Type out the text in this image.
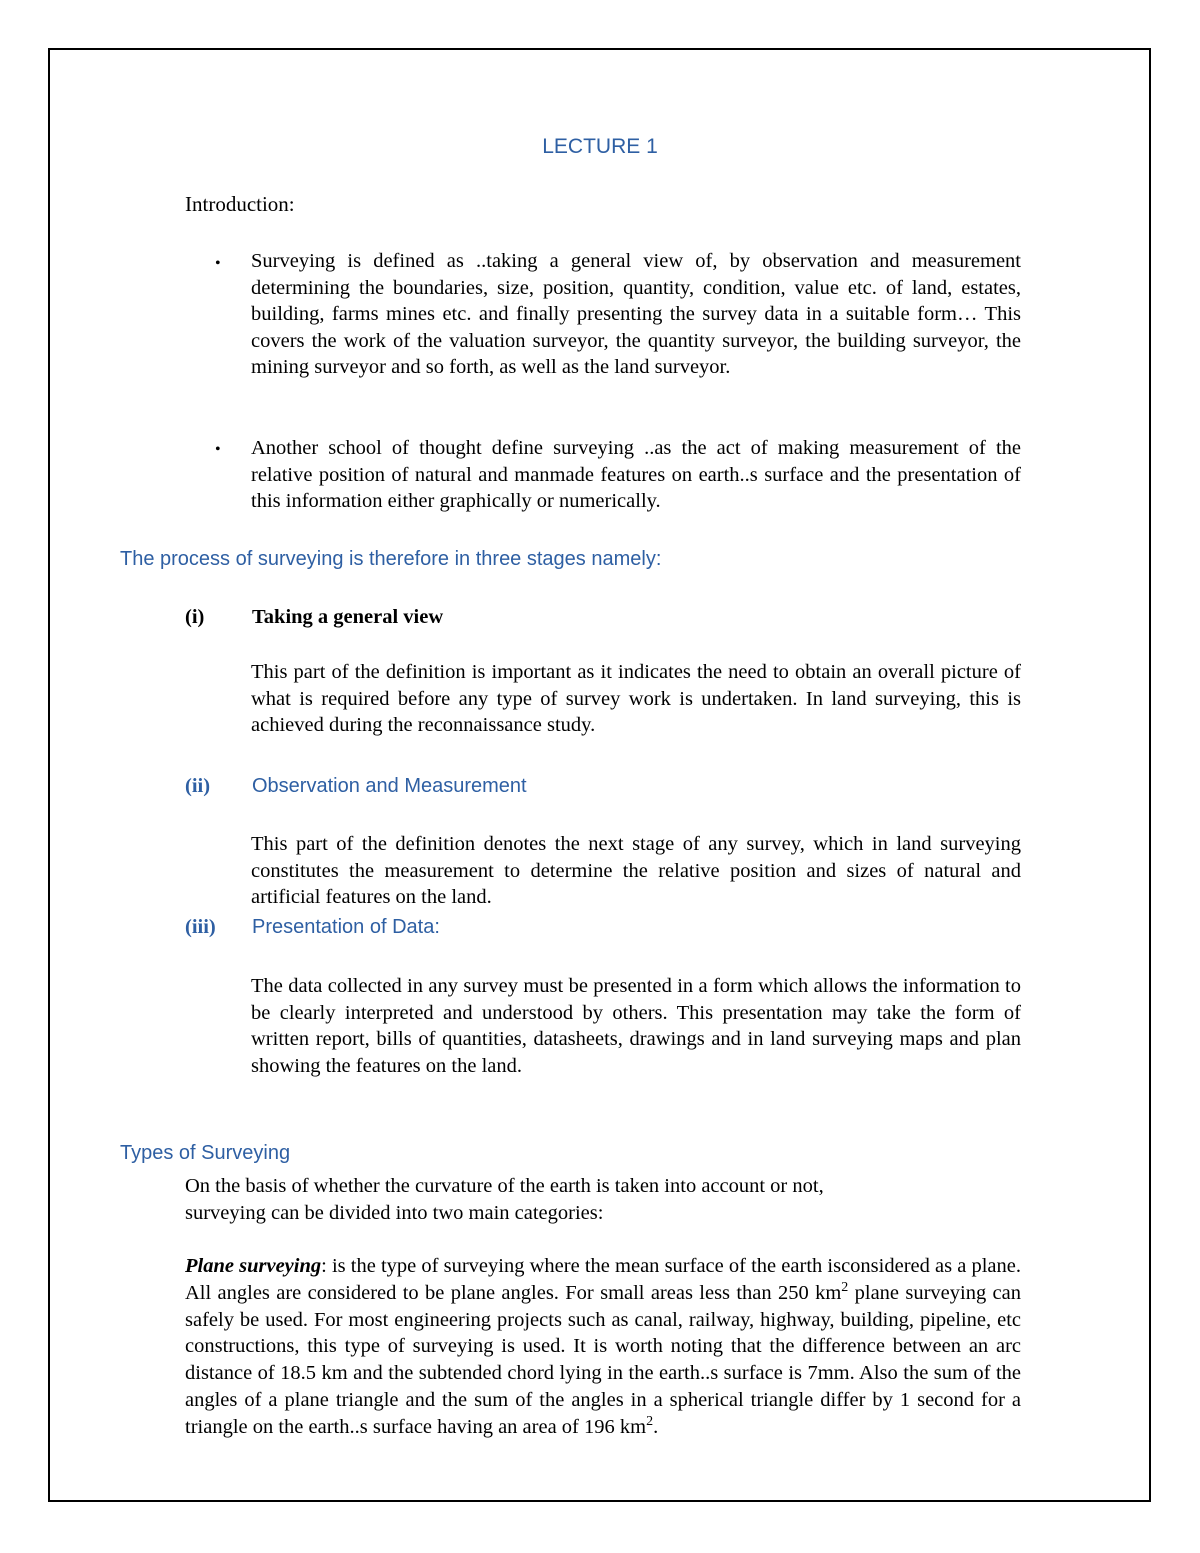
LECTURE 1
Introduction:
• Surveying is defined as ..taking a general view of, by observation and measurement determining the boundaries, size, position, quantity, condition, value etc. of land, estates, building, farms mines etc. and finally presenting the survey data in a suitable form… This covers the work of the valuation surveyor, the quantity surveyor, the building surveyor, the mining surveyor and so forth, as well as the land surveyor.
• Another school of thought define surveying ..as the act of making measurement of the relative position of natural and manmade features on earth..s surface and the presentation of this information either graphically or numerically.
The process of surveying is therefore in three stages namely:
(i) Taking a general view
This part of the definition is important as it indicates the need to obtain an overall picture of what is required before any type of survey work is undertaken. In land surveying, this is achieved during the reconnaissance study.
(ii) Observation and Measurement
This part of the definition denotes the next stage of any survey, which in land surveying constitutes the measurement to determine the relative position and sizes of natural and artificial features on the land.
(iii) Presentation of Data:
The data collected in any survey must be presented in a form which allows the information to be clearly interpreted and understood by others. This presentation may take the form of written report, bills of quantities, datasheets, drawings and in land surveying maps and plan showing the features on the land.
Types of Surveying
On the basis of whether the curvature of the earth is taken into account or not,
surveying can be divided into two main categories:
Plane surveying: is the type of surveying where the mean surface of the earth isconsidered as a plane. All angles are considered to be plane angles. For small areas less than 250 $km^2$ plane surveying can safely be used. For most engineering projects such as canal, railway, highway, building, pipeline, etc constructions, this type of surveying is used. It is worth noting that the difference between an arc distance of 18.5 km and the subtended chord lying in the earth..s surface is 7mm. Also the sum of the angles of a plane triangle and the sum of the angles in a spherical triangle differ by 1 second for a triangle on the earth..s surface having an area of 196 $km^2$.
